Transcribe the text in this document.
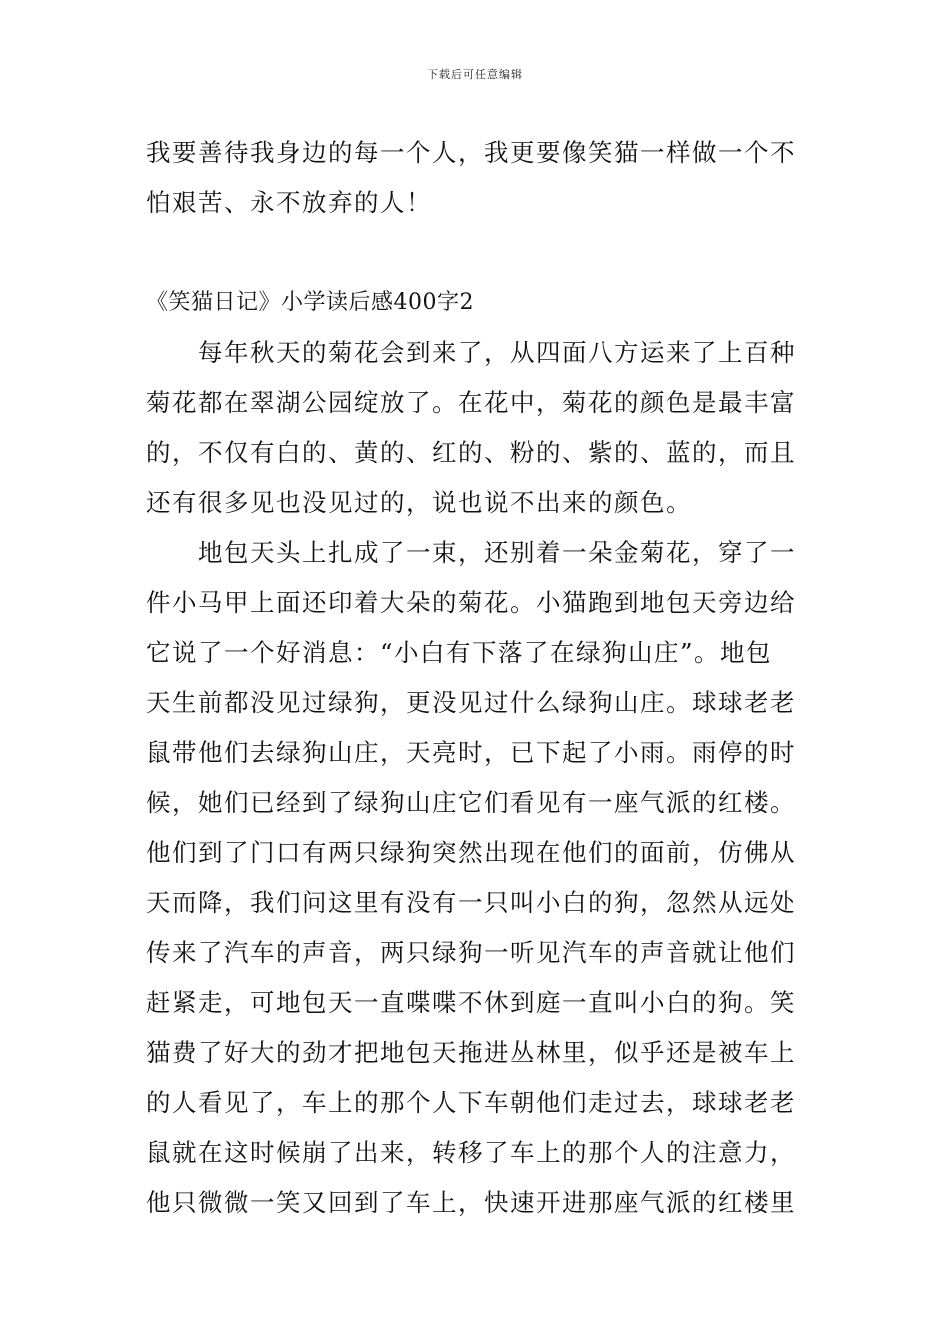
下载后可任意编辑
我要善待我身边的每一个人，我更要像笑猫一样做一个不
怕艰苦、永不放弃的人！
《笑猫日记》小学读后感400字2
　　每年秋天的菊花会到来了，从四面八方运来了上百种
菊花都在翠湖公园绽放了。在花中，菊花的颜色是最丰富
的，不仅有白的、黄的、红的、粉的、紫的、蓝的，而且
还有很多见也没见过的，说也说不出来的颜色。
　　地包天头上扎成了一束，还别着一朵金菊花，穿了一
件小马甲上面还印着大朵的菊花。小猫跑到地包天旁边给
它说了一个好消息：“小白有下落了在绿狗山庄”。地包
天生前都没见过绿狗，更没见过什么绿狗山庄。球球老老
鼠带他们去绿狗山庄，天亮时，已下起了小雨。雨停的时
候，她们已经到了绿狗山庄它们看见有一座气派的红楼。
他们到了门口有两只绿狗突然出现在他们的面前，仿佛从
天而降，我们问这里有没有一只叫小白的狗，忽然从远处
传来了汽车的声音，两只绿狗一听见汽车的声音就让他们
赶紧走，可地包天一直喋喋不休到庭一直叫小白的狗。笑
猫费了好大的劲才把地包天拖进丛林里，似乎还是被车上
的人看见了，车上的那个人下车朝他们走过去，球球老老
鼠就在这时候崩了出来，转移了车上的那个人的注意力，
他只微微一笑又回到了车上，快速开进那座气派的红楼里
